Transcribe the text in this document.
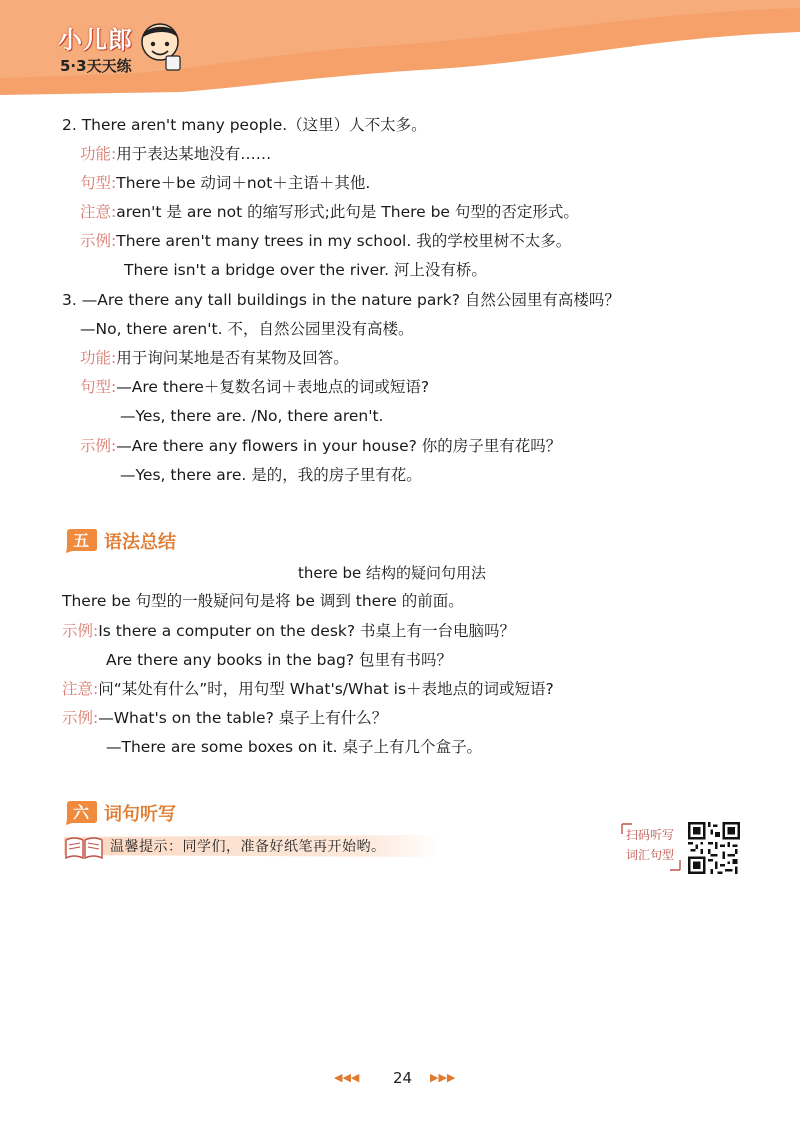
小儿郎
5·3天天练
2. There aren't many people.（这里）人不太多。
功能:用于表达某地没有……
句型:There＋be 动词＋not＋主语＋其他.
注意:aren't 是 are not 的缩写形式;此句是 There be 句型的否定形式。
示例:There aren't many trees in my school. 我的学校里树不太多。
There isn't a bridge over the river. 河上没有桥。
3. —Are there any tall buildings in the nature park? 自然公园里有高楼吗？
—No, there aren't. 不，自然公园里没有高楼。
功能:用于询问某地是否有某物及回答。
句型:—Are there＋复数名词＋表地点的词或短语?
—Yes, there are. /No, there aren't.
示例:—Are there any flowers in your house? 你的房子里有花吗？
—Yes, there are. 是的，我的房子里有花。
五 语法总结
there be 结构的疑问句用法
There be 句型的一般疑问句是将 be 调到 there 的前面。
示例:Is there a computer on the desk? 书桌上有一台电脑吗？
Are there any books in the bag? 包里有书吗？
注意:问“某处有什么”时，用句型 What's/What is＋表地点的词或短语?
示例:—What's on the table? 桌子上有什么？
—There are some boxes on it. 桌子上有几个盒子。
六 词句听写
温馨提示：同学们，准备好纸笔再开始哟。
扫码听写
词汇句型
◀◀◀ 24 ▶▶▶
